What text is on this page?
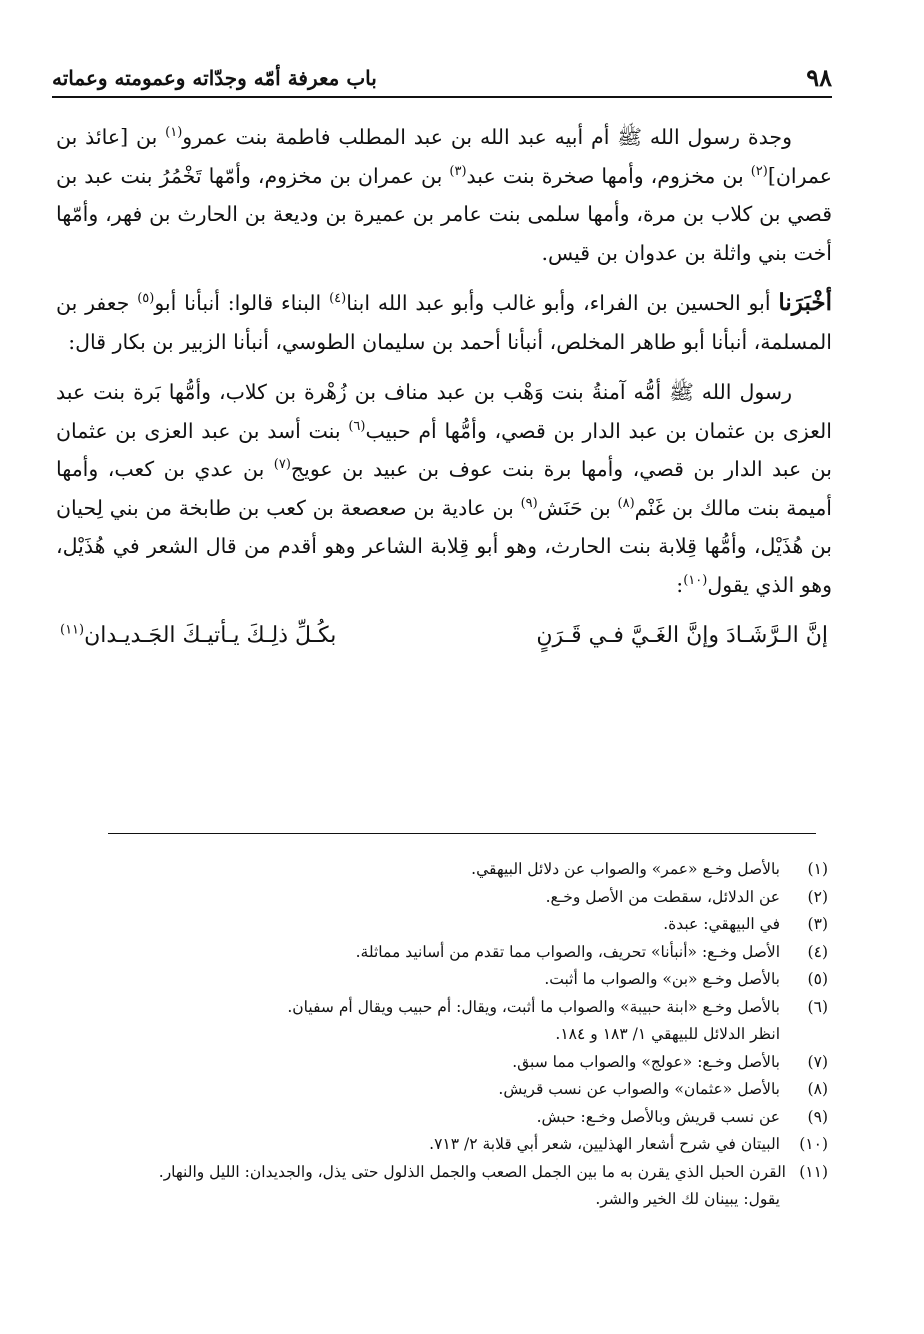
٩٨
باب معرفة أمّه وجدّاته وعمومته وعماته

وجدة رسول الله ﷺ أم أبيه عبد الله بن عبد المطلب فاطمة بنت عمرو$^{(١)}$ بن [عائذ بن عمران]$^{(٢)}$ بن مخزوم، وأمها صخرة بنت عبد$^{(٣)}$ بن عمران بن مخزوم، وأمّها تَخْمُرُ بنت عبد بن قصي بن كلاب بن مرة، وأمها سلمى بنت عامر بن عميرة بن وديعة بن الحارث بن فهر، وأمّها أخت بني واثلة بن عدوان بن قيس.

أخْبَرَنا أبو الحسين بن الفراء، وأبو غالب وأبو عبد الله ابنا$^{(٤)}$ البناء قالوا: أنبأنا أبو$^{(٥)}$ جعفر بن المسلمة، أنبأنا أبو طاهر المخلص، أنبأنا أحمد بن سليمان الطوسي، أنبأنا الزبير بن بكار قال:

رسول الله ﷺ أمُّه آمنةُ بنت وَهْب بن عبد مناف بن زُهْرة بن كلاب، وأمُّها بَرة بنت عبد العزى بن عثمان بن عبد الدار بن قصي، وأمُّها أم حبيب$^{(٦)}$ بنت أسد بن عبد العزى بن عثمان بن عبد الدار بن قصي، وأمها برة بنت عوف بن عبيد بن عويج$^{(٧)}$ بن عدي بن كعب، وأمها أميمة بنت مالك بن غَنْم$^{(٨)}$ بن حَنَش$^{(٩)}$ بن عادية بن صعصعة بن كعب بن طابخة من بني لِحيان بن هُذَيْل، وأمُّها قِلابة بنت الحارث، وهو أبو قِلابة الشاعر وهو أقدم من قال الشعر في هُذَيْل، وهو الذي يقول$^{(١٠)}$:

إنَّ الـرَّشَـادَ وإنَّ الغَـيَّ فـي قَـرَنٍ
بكُـلِّ ذلِـكَ يـأتيـكَ الجَـديـدان$^{(١١)}$
(١)
بالأصل وخـع «عمر» والصواب عن دلائل البيهقي.
(٢)
عن الدلائل، سقطت من الأصل وخـع.
(٣)
في البيهقي: عبدة.
(٤)
الأصل وخـع: «أنبأنا» تحريف، والصواب مما تقدم من أسانيد مماثلة.
(٥)
بالأصل وخـع «بن» والصواب ما أثبت.
(٦)
بالأصل وخـع «ابنة حبيبة» والصواب ما أثبت، ويقال: أم حبيب ويقال أم سفيان.
انظر الدلائل للبيهقي ١/ ١٨٣ و ١٨٤.
(٧)
بالأصل وخـع: «عولج» والصواب مما سبق.
(٨)
بالأصل «عثمان» والصواب عن نسب قريش.
(٩)
عن نسب قريش وبالأصل وخـع: حبش.
(١٠)
البيتان في شرح أشعار الهذليين، شعر أبي قلابة ٢/ ٧١٣.
(١١)
القرن الحبل الذي يقرن به ما بين الجمل الصعب والجمل الذلول حتى يذل، والجديدان: الليل والنهار.
يقول: يبينان لك الخير والشر.
